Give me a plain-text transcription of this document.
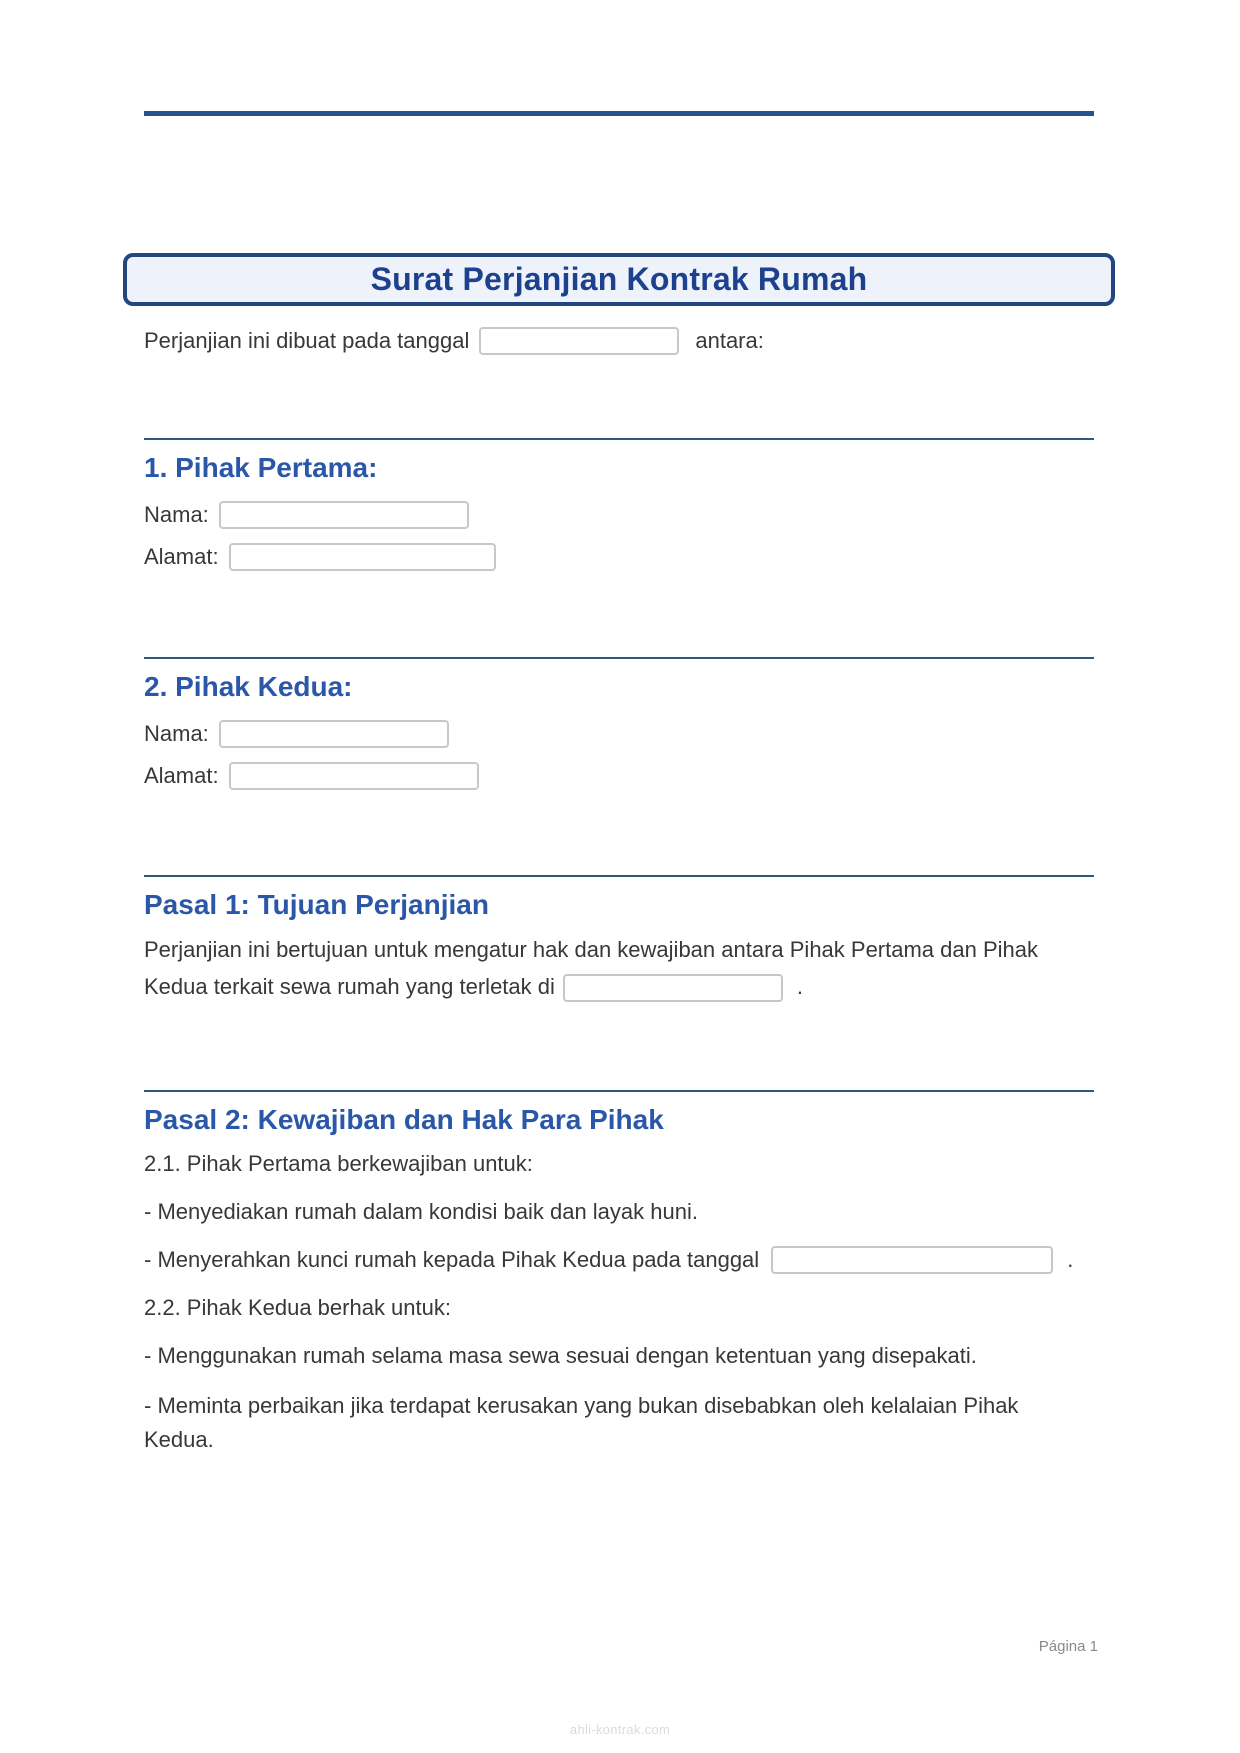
Surat Perjanjian Kontrak Rumah

Perjanjian ini dibuat pada tanggal	antara:

1. Pihak Pertama:
Nama:
Alamat:
2. Pihak Kedua:
Nama:
Alamat:
Pasal 1: Tujuan Perjanjian

Perjanjian ini bertujuan untuk mengatur hak dan kewajiban antara Pihak Pertama dan Pihak Kedua terkait sewa rumah yang terletak di	.

Pasal 2: Kewajiban dan Hak Para Pihak

2.1. Pihak Pertama berkewajiban untuk:

- Menyediakan rumah dalam kondisi baik dan layak huni.

- Menyerahkan kunci rumah kepada Pihak Kedua pada tanggal	.

2.2. Pihak Kedua berhak untuk:

- Menggunakan rumah selama masa sewa sesuai dengan ketentuan yang disepakati.

- Meminta perbaikan jika terdapat kerusakan yang bukan disebabkan oleh kelalaian Pihak Kedua.

Página 1
ahli-kontrak.com
